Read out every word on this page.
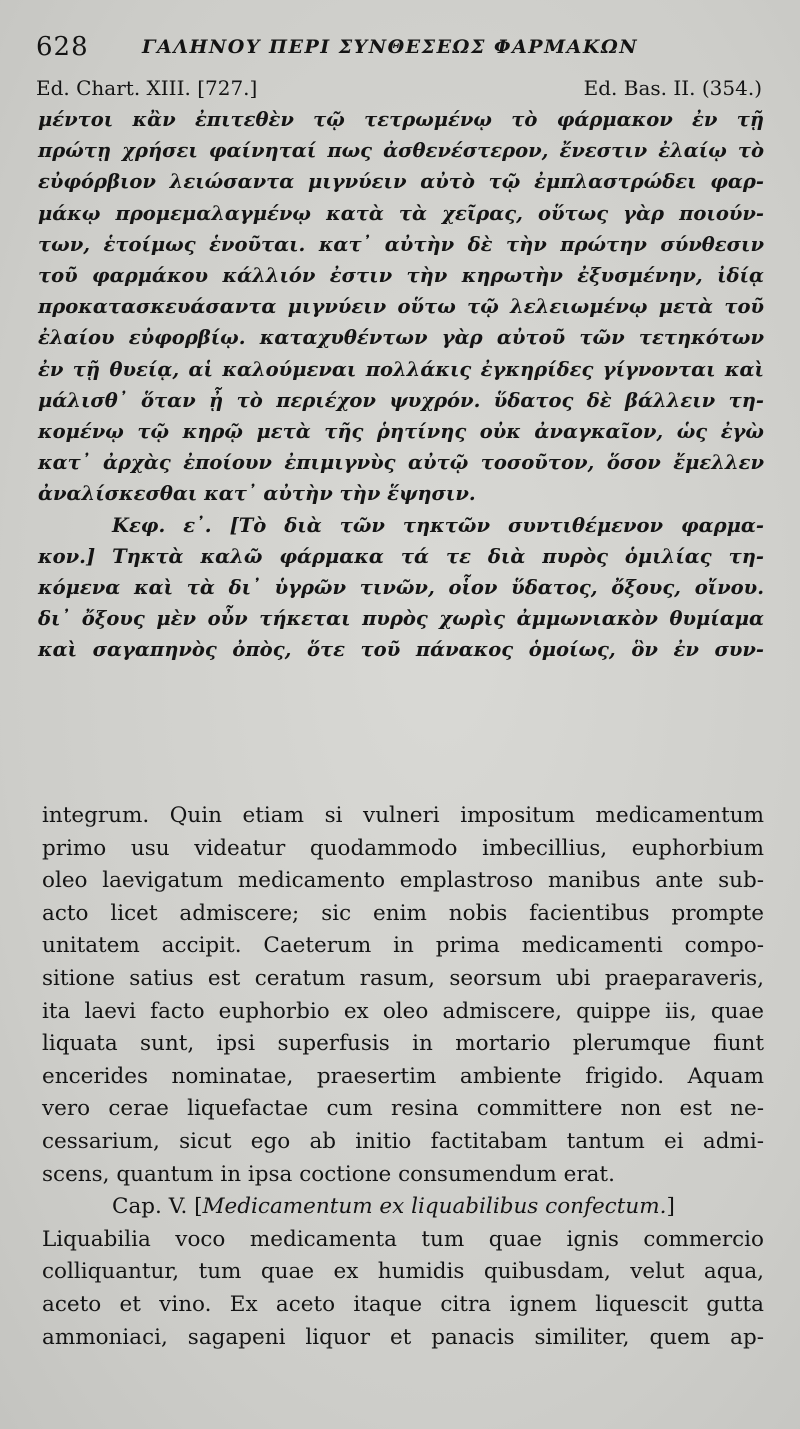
628	ΓΑΛΗΝΟΥ ΠΕΡΙ ΣΥΝΘΕΣΕΩΣ ΦΑΡΜΑΚΩΝ
Ed. Chart. XIII. [727.]	Ed. Bas. II. (354.)
μέντοι κἂν ἐπιτεθὲν τῷ τετρωμένῳ τὸ φάρμακον ἐν τῇ
πρώτῃ χρήσει φαίνηταί πως ἀσθενέστερον, ἔνεστιν ἐλαίῳ τὸ
εὐφόρβιον λειώσαντα μιγνύειν αὐτὸ τῷ ἐμπλαστρώδει φαρ-
μάκῳ προμεμαλαγμένῳ κατὰ τὰ χεῖρας, οὕτως γὰρ ποιούν-
των, ἑτοίμως ἑνοῦται. κατ᾽ αὐτὴν δὲ τὴν πρώτην σύνθεσιν
τοῦ φαρμάκου κάλλιόν ἐστιν τὴν κηρωτὴν ἐξυσμένην, ἰδίᾳ
προκατασκευάσαντα μιγνύειν οὕτω τῷ λελειωμένῳ μετὰ τοῦ
ἐλαίου εὐφορβίῳ. καταχυθέντων γὰρ αὐτοῦ τῶν τετηκότων
ἐν τῇ θυείᾳ, αἱ καλούμεναι πολλάκις ἐγκηρίδες γίγνονται καὶ
μάλισθ᾽ ὅταν ᾖ τὸ περιέχον ψυχρόν. ὕδατος δὲ βάλλειν τη-
κομένῳ τῷ κηρῷ μετὰ τῆς ῥητίνης οὐκ ἀναγκαῖον, ὡς ἐγὼ
κατ᾽ ἀρχὰς ἐποίουν ἐπιμιγνὺς αὐτῷ τοσοῦτον, ὅσον ἔμελλεν
ἀναλίσκεσθαι κατ᾽ αὐτὴν τὴν ἕψησιν.
Κεφ. ε᾽. [Τὸ διὰ τῶν τηκτῶν συντιθέμενον φαρμα-
κον.] Τηκτὰ καλῶ φάρμακα τά τε διὰ πυρὸς ὁμιλίας τη-
κόμενα καὶ τὰ δι᾽ ὑγρῶν τινῶν, οἷον ὕδατος, ὄξους, οἴνου.
δι᾽ ὄξους μὲν οὖν τήκεται πυρὸς χωρὶς ἀμμωνιακὸν θυμίαμα
καὶ σαγαπηνὸς ὀπὸς, ὅτε τοῦ πάνακος ὁμοίως, ὃν ἐν συν-
integrum. Quin etiam si vulneri impositum medicamentum
primo usu videatur quodammodo imbecillius, euphorbium
oleo laevigatum medicamento emplastroso manibus ante sub-
acto licet admiscere; sic enim nobis facientibus prompte
unitatem accipit. Caeterum in prima medicamenti compo-
sitione satius est ceratum rasum, seorsum ubi praeparaveris,
ita laevi facto euphorbio ex oleo admiscere, quippe iis, quae
liquata sunt, ipsi superfusis in mortario plerumque fiunt
encerides nominatae, praesertim ambiente frigido. Aquam
vero cerae liquefactae cum resina committere non est ne-
cessarium, sicut ego ab initio factitabam tantum ei admi-
scens, quantum in ipsa coctione consumendum erat.
Cap. V. [Medicamentum ex liquabilibus confectum.]
Liquabilia voco medicamenta tum quae ignis commercio
colliquantur, tum quae ex humidis quibusdam, velut aqua,
aceto et vino. Ex aceto itaque citra ignem liquescit gutta
ammoniaci, sagapeni liquor et panacis similiter, quem ap-
